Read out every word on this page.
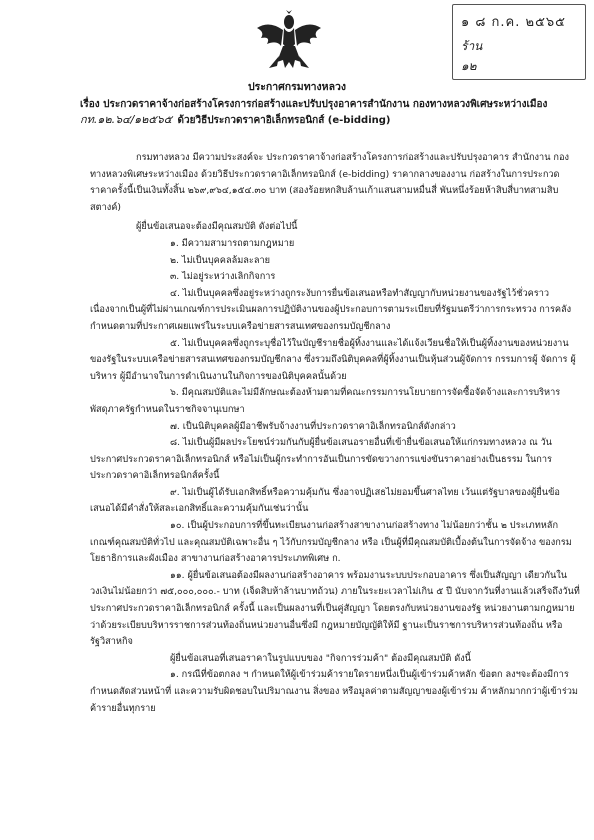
๑ ๘ ก.ค. ๒๕๖๕
ร้าน
๑๒
ประกาศกรมทางหลวง
เรื่อง ประกวดราคาจ้างก่อสร้างโครงการก่อสร้างและปรับปรุงอาคารสำนักงาน กองทางหลวงพิเศษระหว่างเมือง
กท.๑๒.๖๔/๑๒๕๖๕ ด้วยวิธีประกวดราคาอิเล็กทรอนิกส์ (e-bidding)

กรมทางหลวง มีความประสงค์จะ ประกวดราคาจ้างก่อสร้างโครงการก่อสร้างและปรับปรุงอาคาร สำนักงาน กองทางหลวงพิเศษระหว่างเมือง ด้วยวิธีประกวดราคาอิเล็กทรอนิกส์ (e-bidding) ราคากลางของงาน ก่อสร้างในการประกวดราคาครั้งนี้เป็นเงินทั้งสิ้น ๒๖๙,๙๖๔,๑๕๔.๓๐ บาท (สองร้อยหกสิบล้านเก้าแสนสามหมื่นสี่ พันหนึ่งร้อยห้าสิบสี่บาทสามสิบสตางค์)

ผู้ยื่นข้อเสนอจะต้องมีคุณสมบัติ ดังต่อไปนี้

๑. มีความสามารถตามกฎหมาย

๒. ไม่เป็นบุคคลล้มละลาย

๓. ไม่อยู่ระหว่างเลิกกิจการ

๔. ไม่เป็นบุคคลซึ่งอยู่ระหว่างถูกระงับการยื่นข้อเสนอหรือทำสัญญากับหน่วยงานของรัฐไว้ชั่วคราว เนื่องจากเป็นผู้ที่ไม่ผ่านเกณฑ์การประเมินผลการปฏิบัติงานของผู้ประกอบการตามระเบียบที่รัฐมนตรีว่าการกระทรวง การคลังกำหนดตามที่ประกาศเผยแพร่ในระบบเครือข่ายสารสนเทศของกรมบัญชีกลาง

๕. ไม่เป็นบุคคลซึ่งถูกระบุชื่อไว้ในบัญชีรายชื่อผู้ทิ้งงานและได้แจ้งเวียนชื่อให้เป็นผู้ทิ้งงานของหน่วยงาน ของรัฐในระบบเครือข่ายสารสนเทศของกรมบัญชีกลาง ซึ่งรวมถึงนิติบุคคลที่ผู้ทิ้งงานเป็นหุ้นส่วนผู้จัดการ กรรมการผู้ จัดการ ผู้บริหาร ผู้มีอำนาจในการดำเนินงานในกิจการของนิติบุคคลนั้นด้วย

๖. มีคุณสมบัติและไม่มีลักษณะต้องห้ามตามที่คณะกรรมการนโยบายการจัดซื้อจัดจ้างและการบริหาร พัสดุภาครัฐกำหนดในราชกิจจานุเบกษา

๗. เป็นนิติบุคคลผู้มีอาชีพรับจ้างงานที่ประกวดราคาอิเล็กทรอนิกส์ดังกล่าว

๘. ไม่เป็นผู้มีผลประโยชน์ร่วมกันกับผู้ยื่นข้อเสนอรายอื่นที่เข้ายื่นข้อเสนอให้แก่กรมทางหลวง ณ วันประกาศประกวดราคาอิเล็กทรอนิกส์ หรือไม่เป็นผู้กระทำการอันเป็นการขัดขวางการแข่งขันราคาอย่างเป็นธรรม ในการประกวดราคาอิเล็กทรอนิกส์ครั้งนี้

๙. ไม่เป็นผู้ได้รับเอกสิทธิ์หรือความคุ้มกัน ซึ่งอาจปฏิเสธไม่ยอมขึ้นศาลไทย เว้นแต่รัฐบาลของผู้ยื่นข้อ เสนอได้มีคำสั่งให้สละเอกสิทธิ์และความคุ้มกันเช่นว่านั้น

๑๐. เป็นผู้ประกอบการที่ขึ้นทะเบียนงานก่อสร้างสาขางานก่อสร้างทาง ไม่น้อยกว่าชั้น ๒ ประเภทหลัก เกณฑ์คุณสมบัติทั่วไป และคุณสมบัติเฉพาะอื่น ๆ ไว้กับกรมบัญชีกลาง หรือ เป็นผู้ที่มีคุณสมบัติเบื้องต้นในการจัดจ้าง ของกรมโยธาธิการและผังเมือง สาขางานก่อสร้างอาคารประเภทพิเศษ ก.

๑๑. ผู้ยื่นข้อเสนอต้องมีผลงานก่อสร้างอาคาร พร้อมงานระบบประกอบอาคาร ซึ่งเป็นสัญญา เดียวกันในวงเงินไม่น้อยกว่า ๗๕,๐๐๐,๐๐๐.- บาท (เจ็ดสิบห้าล้านบาทถ้วน) ภายในระยะเวลาไม่เกิน ๕ ปี นับจากวันที่งานแล้วเสร็จถึงวันที่ประกาศประกวดราคาอิเล็กทรอนิกส์ ครั้งนี้ และเป็นผลงานที่เป็นคู่สัญญา โดยตรงกับหน่วยงานของรัฐ หน่วยงานตามกฎหมายว่าด้วยระเบียบบริหารราชการส่วนท้องถิ่นหน่วยงานอื่นซึ่งมี กฎหมายบัญญัติให้มี ฐานะเป็นราชการบริหารส่วนท้องถิ่น หรือรัฐวิสาหกิจ

ผู้ยื่นข้อเสนอที่เสนอราคาในรูปแบบของ "กิจการร่วมค้า" ต้องมีคุณสมบัติ ดังนี้

๑. กรณีที่ข้อตกลง ฯ กำหนดให้ผู้เข้าร่วมค้ารายใดรายหนึ่งเป็นผู้เข้าร่วมค้าหลัก ข้อตก ลงฯจะต้องมีการ กำหนดสัดส่วนหน้าที่ และความรับผิดชอบในปริมาณงาน สิ่งของ หรือมูลค่าตามสัญญาของผู้เข้าร่วม ค้าหลักมากกว่าผู้เข้าร่วมค้ารายอื่นทุกราย
